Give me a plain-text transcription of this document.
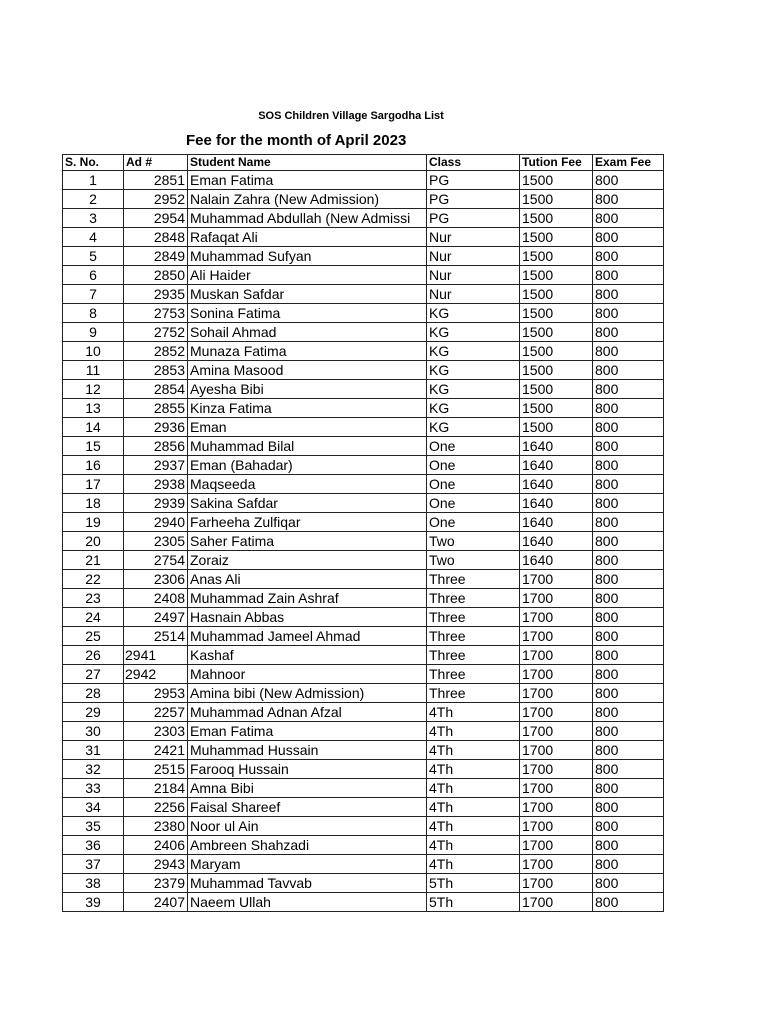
SOS Children Village Sargodha List
Fee for the month of April 2023
S. No.	Ad #	Student Name	Class	Tution Fee	Exam Fee
1	2851	Eman Fatima	PG	1500	800
2	2952	Nalain Zahra (New Admission)	PG	1500	800
3	2954	Muhammad Abdullah (New Admissi	PG	1500	800
4	2848	Rafaqat Ali	Nur	1500	800
5	2849	Muhammad Sufyan	Nur	1500	800
6	2850	Ali Haider	Nur	1500	800
7	2935	Muskan Safdar	Nur	1500	800
8	2753	Sonina Fatima	KG	1500	800
9	2752	Sohail Ahmad	KG	1500	800
10	2852	Munaza Fatima	KG	1500	800
11	2853	Amina Masood	KG	1500	800
12	2854	Ayesha Bibi	KG	1500	800
13	2855	Kinza Fatima	KG	1500	800
14	2936	Eman	KG	1500	800
15	2856	Muhammad Bilal	One	1640	800
16	2937	Eman (Bahadar)	One	1640	800
17	2938	Maqseeda	One	1640	800
18	2939	Sakina Safdar	One	1640	800
19	2940	Farheeha Zulfiqar	One	1640	800
20	2305	Saher Fatima	Two	1640	800
21	2754	Zoraiz	Two	1640	800
22	2306	Anas Ali	Three	1700	800
23	2408	Muhammad Zain Ashraf	Three	1700	800
24	2497	Hasnain Abbas	Three	1700	800
25	2514	Muhammad Jameel Ahmad	Three	1700	800
26	2941	Kashaf	Three	1700	800
27	2942	Mahnoor	Three	1700	800
28	2953	Amina bibi (New Admission)	Three	1700	800
29	2257	Muhammad Adnan Afzal	4Th	1700	800
30	2303	Eman Fatima	4Th	1700	800
31	2421	Muhammad Hussain	4Th	1700	800
32	2515	Farooq Hussain	4Th	1700	800
33	2184	Amna Bibi	4Th	1700	800
34	2256	Faisal Shareef	4Th	1700	800
35	2380	Noor ul Ain	4Th	1700	800
36	2406	Ambreen Shahzadi	4Th	1700	800
37	2943	Maryam	4Th	1700	800
38	2379	Muhammad Tavvab	5Th	1700	800
39	2407	Naeem Ullah	5Th	1700	800
